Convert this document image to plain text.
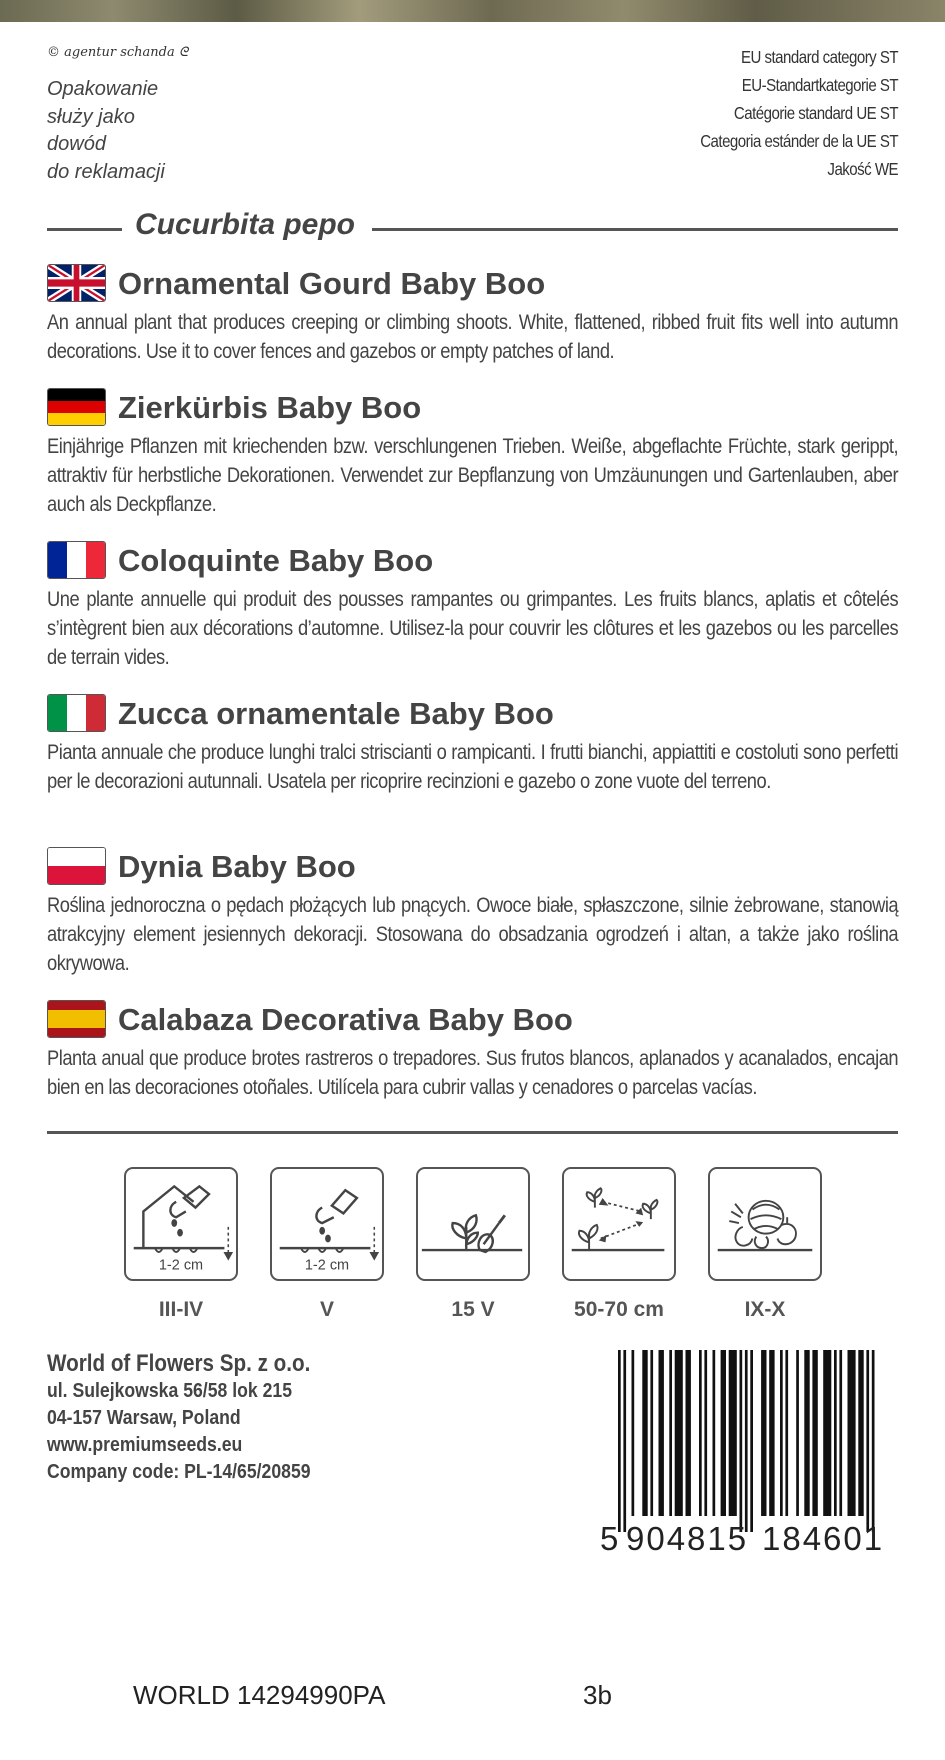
© agentur schanda ᘓ
Opakowanie
służy jako
dowód
do reklamacji
EU standard category ST
EU-Standartkategorie ST
Catégorie standard UE ST
Categoria estánder de la UE ST
Jakość WE
Cucurbita pepo
Ornamental Gourd Baby Boo

An annual plant that produces creeping or climbing shoots. White, flattened, ribbed fruit fits well into autumn decorations. Use it to cover fences and gazebos or empty patches of land.

Zierkürbis Baby Boo

Einjährige Pflanzen mit kriechenden bzw. verschlungenen Trieben. Weiße, abgeflachte Früchte, stark gerippt, attraktiv für herbstliche Dekorationen. Verwendet zur Bepflanzung von Umzäunungen und Gartenlauben, aber auch als Deckpflanze.

Coloquinte Baby Boo

Une plante annuelle qui produit des pousses rampantes ou grimpantes. Les fruits blancs, aplatis et côtelés s’intègrent bien aux décorations d’automne. Utilisez-la pour couvrir les clôtures et les gazebos ou les parcelles de terrain vides.

Zucca ornamentale Baby Boo

Pianta annuale che produce lunghi tralci striscianti o rampicanti. I frutti bianchi, appiattiti e costoluti sono perfetti per le decorazioni autunnali. Usatela per ricoprire recinzioni e gazebo o zone vuote del terreno.

Dynia Baby Boo

Roślina jednoroczna o pędach płożących lub pnących. Owoce białe, spłaszczone, silnie żebrowane, stanowią atrakcyjny element jesiennych dekoracji. Stosowana do obsadzania ogrodzeń i altan, a także jako roślina okrywowa.

Calabaza Decorativa Baby Boo

Planta anual que produce brotes rastreros o trepadores. Sus frutos blancos, aplanados y acanalados, encajan bien en las decoraciones otoñales. Utilícela para cubrir vallas y cenadores o parcelas vacías.

1-2 cm	1-2 cm
III-IV	V	15 V	50-70 cm	IX-X
World of Flowers Sp. z o.o.
ul. Sulejkowska 56/58 lok 215
04-157 Warsaw, Poland
www.premiumseeds.eu
Company code: PL-14/65/20859
5 904815 184601
WORLD 14294990PA	3b
